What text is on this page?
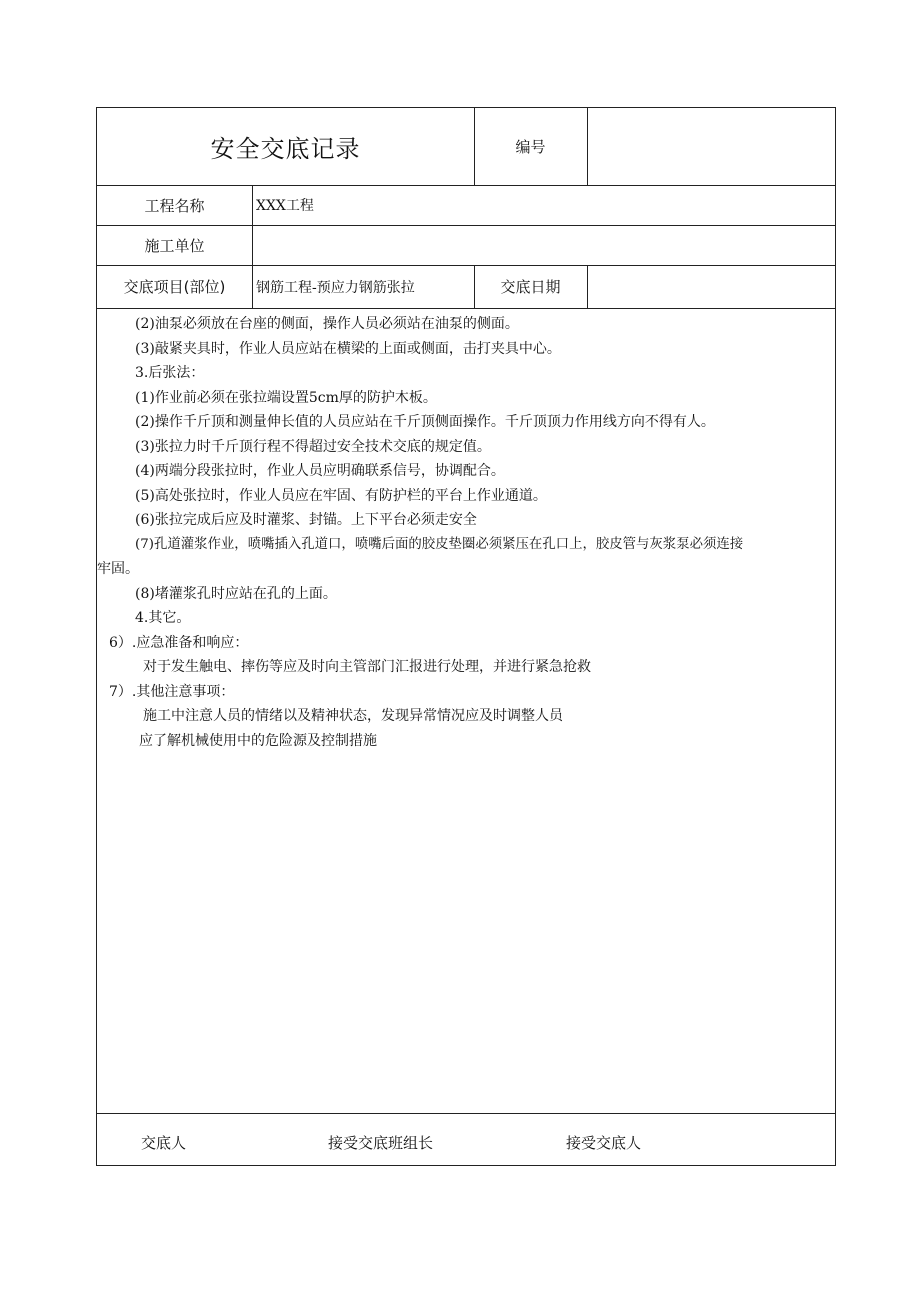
安全交底记录	编号
工程名称	XXX工程
施工单位
交底项目(部位) 钢筋工程-预应力钢筋张拉	交底日期
(2)油泵必须放在台座的侧面，操作人员必须站在油泵的侧面。
(3)敲紧夹具时，作业人员应站在横梁的上面或侧面，击打夹具中心。
3.后张法：
(1)作业前必须在张拉端设置5cm厚的防护木板。
(2)操作千斤顶和测量伸长值的人员应站在千斤顶侧面操作。千斤顶顶力作用线方向不得有人。
(3)张拉力时千斤顶行程不得超过安全技术交底的规定值。
(4)两端分段张拉时，作业人员应明确联系信号，协调配合。
(5)高处张拉时，作业人员应在牢固、有防护栏的平台上作业通道。
(6)张拉完成后应及时灌浆、封锚。上下平台必须走安全
(7)孔道灌浆作业，喷嘴插入孔道口，喷嘴后面的胶皮垫圈必须紧压在孔口上，胶皮管与灰浆泵必须连接
牢固。
(8)堵灌浆孔时应站在孔的上面。
4.其它。
6）.应急准备和响应：
对于发生触电、摔伤等应及时向主管部门汇报进行处理，并进行紧急抢救
7）.其他注意事项：
施工中注意人员的情绪以及精神状态，发现异常情况应及时调整人员
应了解机械使用中的危险源及控制措施
交底人	接受交底班组长	接受交底人
